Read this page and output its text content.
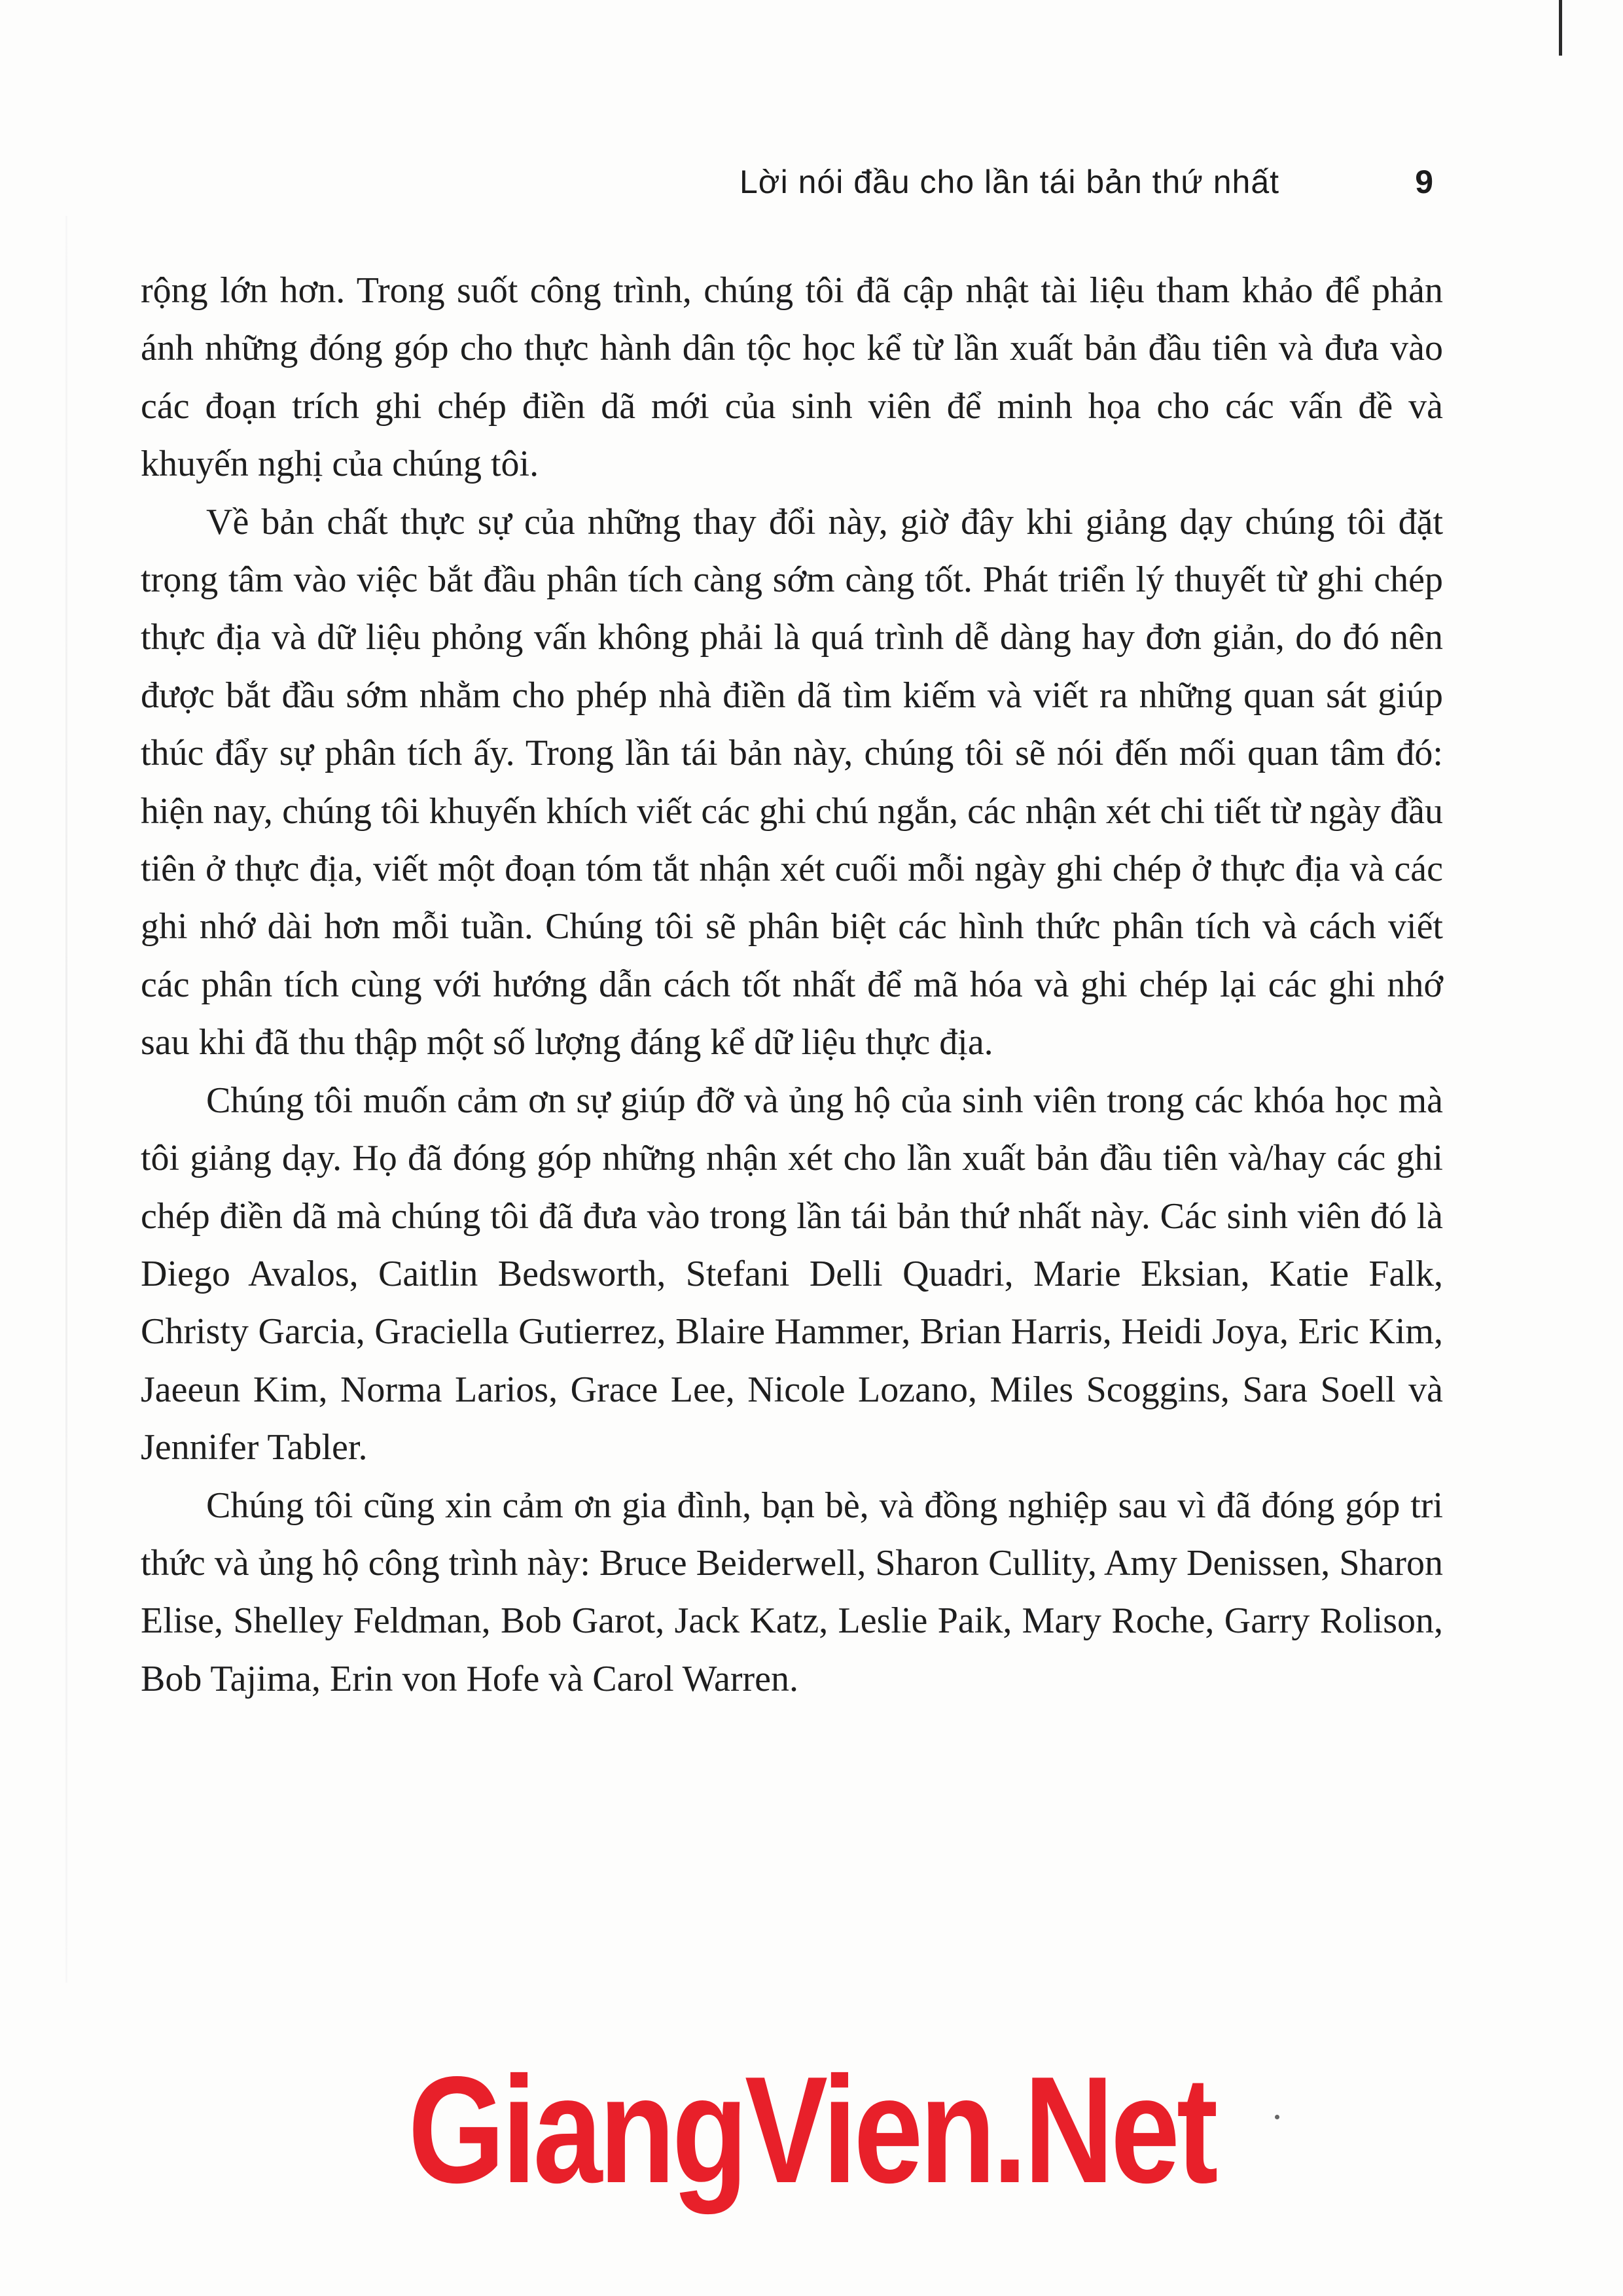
Lời nói đầu cho lần tái bản thứ nhất	9

rộng lớn hơn. Trong suốt công trình, chúng tôi đã cập nhật tài liệu tham khảo để phản ánh những đóng góp cho thực hành dân tộc học kể từ lần xuất bản đầu tiên và đưa vào các đoạn trích ghi chép điền dã mới của sinh viên để minh họa cho các vấn đề và khuyến nghị của chúng tôi.

Về bản chất thực sự của những thay đổi này, giờ đây khi giảng dạy chúng tôi đặt trọng tâm vào việc bắt đầu phân tích càng sớm càng tốt. Phát triển lý thuyết từ ghi chép thực địa và dữ liệu phỏng vấn không phải là quá trình dễ dàng hay đơn giản, do đó nên được bắt đầu sớm nhằm cho phép nhà điền dã tìm kiếm và viết ra những quan sát giúp thúc đẩy sự phân tích ấy. Trong lần tái bản này, chúng tôi sẽ nói đến mối quan tâm đó: hiện nay, chúng tôi khuyến khích viết các ghi chú ngắn, các nhận xét chi tiết từ ngày đầu tiên ở thực địa, viết một đoạn tóm tắt nhận xét cuối mỗi ngày ghi chép ở thực địa và các ghi nhớ dài hơn mỗi tuần. Chúng tôi sẽ phân biệt các hình thức phân tích và cách viết các phân tích cùng với hướng dẫn cách tốt nhất để mã hóa và ghi chép lại các ghi nhớ sau khi đã thu thập một số lượng đáng kể dữ liệu thực địa.

Chúng tôi muốn cảm ơn sự giúp đỡ và ủng hộ của sinh viên trong các khóa học mà tôi giảng dạy. Họ đã đóng góp những nhận xét cho lần xuất bản đầu tiên và/hay các ghi chép điền dã mà chúng tôi đã đưa vào trong lần tái bản thứ nhất này. Các sinh viên đó là Diego Avalos, Caitlin Bedsworth, Stefani Delli Quadri, Marie Eksian, Katie Falk, Christy Garcia, Graciella Gutierrez, Blaire Hammer, Brian Harris, Heidi Joya, Eric Kim, Jaeeun Kim, Norma Larios, Grace Lee, Nicole Lozano, Miles Scoggins, Sara Soell và Jennifer Tabler.

Chúng tôi cũng xin cảm ơn gia đình, bạn bè, và đồng nghiệp sau vì đã đóng góp tri thức và ủng hộ công trình này: Bruce Beiderwell, Sharon Cullity, Amy Denissen, Sharon Elise, Shelley Feldman, Bob Garot, Jack Katz, Leslie Paik, Mary Roche, Garry Rolison, Bob Tajima, Erin von Hofe và Carol Warren.

GiangVien.Net
